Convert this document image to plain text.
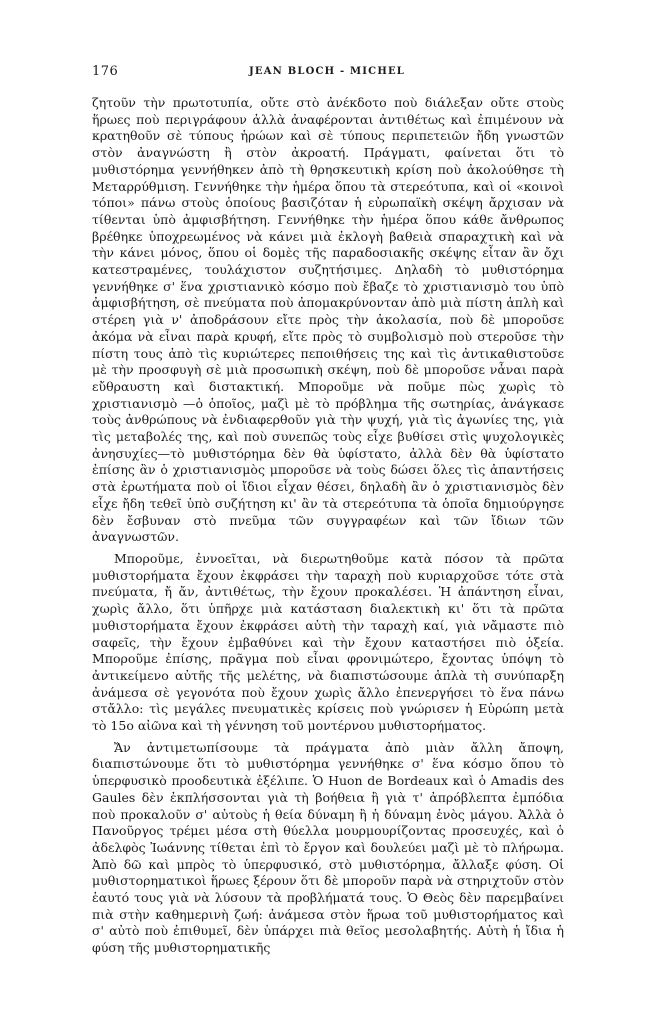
176	JEAN BLOCH - MICHEL

ζητοῦν τὴν πρωτοτυπία, οὔτε στὸ ἀνέκδοτο ποὺ διάλεξαν οὔτε στοὺς ἥρωες ποὺ περιγράφουν ἀλλὰ ἀναφέρονται ἀντιθέτως καὶ ἐπιμένουν νὰ κρατηθοῦν σὲ τύπους ἡρώων καὶ σὲ τύπους περιπετειῶν ἤδη γνωστῶν στὸν ἀναγνώστη ἢ στὸν ἀκροατή. Πράγματι, φαίνεται ὅτι τὸ μυθιστόρημα γεννήθηκεν ἀπὸ τὴ θρησκευτικὴ κρίση ποὺ ἀκολούθησε τὴ Μεταρρύθμιση. Γεννήθηκε τὴν ἡμέρα ὅπου τὰ στερεότυπα, καὶ οἱ «κοινοὶ τόποι» πάνω στοὺς ὁποίους βασιζόταν ἡ εὐρωπαϊκὴ σκέψη ἄρχισαν νὰ τίθενται ὑπὸ ἀμφισβήτηση. Γεννήθηκε τὴν ἡμέρα ὅπου κάθε ἄνθρωπος βρέθηκε ὑποχρεωμένος νὰ κάνει μιὰ ἐκλογὴ βαθειὰ σπαραχτικὴ καὶ νὰ τὴν κάνει μόνος, ὅπου οἱ δομὲς τῆς παραδοσιακῆς σκέψης εἶταν ἂν ὄχι κατεστραμένες, τουλάχιστον συζητήσιμες. Δηλαδὴ τὸ μυθιστόρημα γεννήθηκε σ' ἕνα χριστιανικὸ κόσμο ποὺ ἔβαζε τὸ χριστιανισμὸ του ὑπὸ ἀμφισβήτηση, σὲ πνεύματα ποὺ ἀπομακρύνονταν ἀπὸ μιὰ πίστη ἁπλὴ καὶ στέρεη γιὰ ν' ἀποδράσουν εἴτε πρὸς τὴν ἀκολασία, ποὺ δὲ μποροῦσε ἀκόμα νὰ εἶναι παρὰ κρυφή, εἴτε πρὸς τὸ συμβολισμὸ ποὺ στεροῦσε τὴν πίστη τους ἀπὸ τὶς κυριώτερες πεποιθήσεις της καὶ τὶς ἀντικαθιστοῦσε μὲ τὴν προσφυγὴ σὲ μιὰ προσωπικὴ σκέψη, ποὺ δὲ μποροῦσε νἆναι παρὰ εὔθραυστη καὶ διστακτική. Μποροῦμε νὰ ποῦμε πὼς χωρὶς τὸ χριστιανισμὸ —ὁ ὁποῖος, μαζὶ μὲ τὸ πρόβλημα τῆς σωτηρίας, ἀνάγκασε τοὺς ἀνθρώπους νὰ ἐνδιαφερθοῦν γιὰ τὴν ψυχή, γιὰ τὶς ἀγωνίες της, γιὰ τὶς μεταβολές της, καὶ ποὺ συνεπῶς τοὺς εἶχε βυθίσει στὶς ψυχολογικὲς ἀνησυχίες—τὸ μυθιστόρημα δὲν θὰ ὑφίστατο, ἀλλὰ δὲν θὰ ὑφίστατο ἐπίσης ἂν ὁ χριστιανισμὸς μποροῦσε νὰ τοὺς δώσει ὅλες τὶς ἀπαντήσεις στὰ ἐρωτήματα ποὺ οἱ ἴδιοι εἶχαν θέσει, δηλαδὴ ἂν ὁ χριστιανισμὸς δὲν εἶχε ἤδη τεθεῖ ὑπὸ συζήτηση κι' ἂν τὰ στερεότυπα τὰ ὁποῖα δημιούργησε δὲν ἔσβυναν στὸ πνεῦμα τῶν συγγραφέων καὶ τῶν ἴδιων τῶν ἀναγνωστῶν.

Μποροῦμε, ἐννοεῖται, νὰ διερωτηθοῦμε κατὰ πόσον τὰ πρῶτα μυθιστορήματα ἔχουν ἐκφράσει τὴν ταραχὴ ποὺ κυριαρχοῦσε τότε στὰ πνεύματα, ἤ ἄν, ἀντιθέτως, τὴν ἔχουν προκαλέσει. Ἡ ἀπάντηση εἶναι, χωρὶς ἄλλο, ὅτι ὑπῆρχε μιὰ κατάσταση διαλεκτικὴ κι' ὅτι τὰ πρῶτα μυθιστορήματα ἔχουν ἐκφράσει αὐτὴ τὴν ταραχὴ καί, γιὰ νἄμαστε πιὸ σαφεῖς, τὴν ἔχουν ἐμβαθύνει καὶ τὴν ἔχουν καταστήσει πιὸ ὀξεία. Μποροῦμε ἐπίσης, πρᾶγμα ποὺ εἶναι φρονιμώτερο, ἔχοντας ὑπόψη τὸ ἀντικείμενο αὐτῆς τῆς μελέτης, νὰ διαπιστώσουμε ἁπλὰ τὴ συνύπαρξη ἀνάμεσα σὲ γεγονότα ποὺ ἔχουν χωρὶς ἄλλο ἐπενεργήσει τὸ ἕνα πάνω στἄλλο: τὶς μεγάλες πνευματικὲς κρίσεις ποὺ γνώρισεν ἡ Εὐρώπη μετὰ τὸ 15ο αἰῶνα καὶ τὴ γέννηση τοῦ μοντέρνου μυθιστορήματος.

Ἄν ἀντιμετωπίσουμε τὰ πράγματα ἀπὸ μιὰν ἄλλη ἄποψη, διαπιστώνουμε ὅτι τὸ μυθιστόρημα γεννήθηκε σ' ἕνα κόσμο ὅπου τὸ ὑπερφυσικὸ προοδευτικὰ ἐξέλιπε. Ὁ Huon de Bordeaux καὶ ὁ Amadis des Gaules δὲν ἐκπλήσσονται γιὰ τὴ βοήθεια ἢ γιὰ τ' ἀπρόβλεπτα ἐμπόδια ποὺ προκαλοῦν σ' αὐτοὺς ἡ θεία δύναμη ἢ ἡ δύναμη ἑνὸς μάγου. Ἀλλὰ ὁ Πανοῦργος τρέμει μέσα στὴ θύελλα μουρμουρίζοντας προσευχές, καὶ ὁ ἀδελφὸς Ἰωάννης τίθεται ἐπὶ τὸ ἔργον καὶ δουλεύει μαζὶ μὲ τὸ πλήρωμα. Ἀπὸ δῶ καὶ μπρὸς τὸ ὑπερφυσικό, στὸ μυθιστόρημα, ἄλλαξε φύση. Οἱ μυθιστορηματικοὶ ἥρωες ξέρουν ὅτι δὲ μποροῦν παρὰ νὰ στηριχτοῦν στὸν ἑαυτό τους γιὰ νὰ λύσουν τὰ προβλήματά τους. Ὁ Θεὸς δὲν παρεμβαίνει πιὰ στὴν καθημερινὴ ζωή: ἀνάμεσα στὸν ἥρωα τοῦ μυθιστορήματος καὶ σ' αὐτὸ ποὺ ἐπιθυμεῖ, δὲν ὑπάρχει πιὰ θεῖος μεσολαβητής. Αὐτὴ ἡ ἴδια ἡ φύση τῆς μυθιστορηματικῆς
